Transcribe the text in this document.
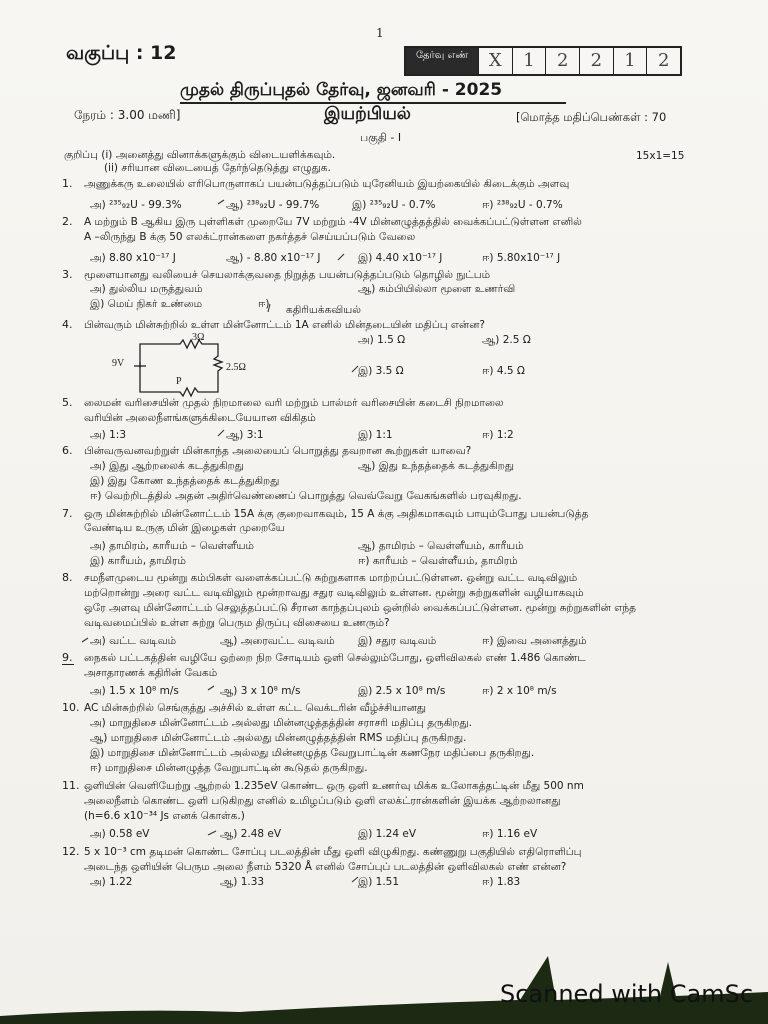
1
வகுப்பு : 12	தேர்வு எண்	X	1	2	2	1	2
முதல் திருப்புதல் தேர்வு, ஜனவரி - 2025
நேரம் : 3.00 மணி]	இயற்பியல்	[மொத்த மதிப்பெண்கள் : 70
பகுதி - I
குறிப்பு (i) அனைத்து வினாக்களுக்கும் விடையளிக்கவும்.
(ii) சரியான விடையைத் தேர்ந்தெடுத்து எழுதுக.
15x1=15
1. அணுக்கரு உலையில் எரிபொருளாகப் பயன்படுத்தப்படும் யுரேனியம் இயற்கையில் கிடைக்கும் அளவு
அ) ²³⁵₉₂U - 99.3%	ஆ) ²³⁸₉₂U - 99.7%	இ) ²³⁵₉₂U - 0.7%	ஈ) ²³⁸₉₂U - 0.7%
2. A மற்றும் B ஆகிய இரு புள்ளிகள் முறையே 7V மற்றும் -4V மின்னழுத்தத்தில் வைக்கப்பட்டுள்ளன எனில்
A –லிருந்து B க்கு 50 எலக்ட்ரான்களை நகர்த்தச் செய்யப்படும் வேலை
அ) 8.80 x10⁻¹⁷ J	ஆ) - 8.80 x10⁻¹⁷ J	இ) 4.40 x10⁻¹⁷ J	ஈ) 5.80x10⁻¹⁷ J
3. மூளையானது வலியைச் செயலாக்குவதை நிறுத்த பயன்படுத்தப்படும் தொழில் நுட்பம்
அ) துல்லிய மருத்துவம்	ஆ) கம்பியில்லா மூளை உணர்வி
இ) மெய் நிகர் உண்மை	ஈ) கதிரியக்கவியல்
4. பின்வரும் மின்சுற்றில் உள்ள மின்னோட்டம் 1A எனில் மின்தடையின் மதிப்பு என்ன?
அ) 1.5 Ω	ஆ) 2.5 Ω
இ) 3.5 Ω	ஈ) 4.5 Ω
3Ω
2.5Ω
9V
P
5. லைமன் வரிசையின் முதல் நிறமாலை வரி மற்றும் பால்மர் வரிசையின் கடைசி நிறமாலை
வரியின் அலைநீளங்களுக்கிடையேயான விகிதம்
அ) 1:3	ஆ) 3:1	இ) 1:1	ஈ) 1:2
6. பின்வருவனவற்றுள் மின்காந்த அலையைப் பொறுத்து தவறான கூற்றுகள் யாவை?
அ) இது ஆற்றலைக் கடத்துகிறது	ஆ) இது உந்தத்தைக் கடத்துகிறது
இ) இது கோண உந்தத்தைக் கடத்துகிறது
ஈ) வெற்றிடத்தில் அதன் அதிர்வெண்ணைப் பொறுத்து வெவ்வேறு வேகங்களில் பரவுகிறது.
7. ஒரு மின்சுற்றில் மின்னோட்டம் 15A க்கு குறைவாகவும், 15 A க்கு அதிகமாகவும் பாயும்போது பயன்படுத்த
வேண்டிய உருகு மின் இழைகள் முறையே
அ) தாமிரம், காரீயம் – வெள்ளீயம்	ஆ) தாமிரம் – வெள்ளீயம், காரீயம்
இ) காரீயம், தாமிரம்	ஈ) காரீயம் – வெள்ளீயம், தாமிரம்
8. சமநீளமுடைய மூன்று கம்பிகள் வளைக்கப்பட்டு சுற்றுகளாக மாற்றப்பட்டுள்ளன. ஒன்று வட்ட வடிவிலும்
மற்றொன்று அரை வட்ட வடிவிலும் மூன்றாவது சதுர வடிவிலும் உள்ளன. மூன்று சுற்றுகளின் வழியாகவும்
ஒரே அளவு மின்னோட்டம் செலுத்தப்பட்டு சீரான காந்தப்புலம் ஒன்றில் வைக்கப்பட்டுள்ளன. மூன்று சுற்றுகளின் எந்த
வடிவமைப்பில் உள்ள சுற்று பெரும திருப்பு விசையை உணரும்?
அ) வட்ட வடிவம்	ஆ) அரைவட்ட வடிவம் இ) சதுர வடிவம்	ஈ) இவை அனைத்தும்
9. நைகல் பட்டகத்தின் வழியே ஒற்றை நிற சோடியம் ஒளி செல்லும்போது, ஒளிவிலகல் எண் 1.486 கொண்ட
அசாதாரணக் கதிரின் வேகம்
அ) 1.5 x 10⁸ m/s	ஆ) 3 x 10⁸ m/s	இ) 2.5 x 10⁸ m/s	ஈ) 2 x 10⁸ m/s
10. AC மின்சுற்றில் செங்குத்து அச்சில் உள்ள கட்ட வெக்டரின் வீழ்ச்சியானது
அ) மாறுதிசை மின்னோட்டம் அல்லது மின்னழுத்தத்தின் சராசரி மதிப்பு தருகிறது.
ஆ) மாறுதிசை மின்னோட்டம் அல்லது மின்னழுத்தத்தின் RMS மதிப்பு தருகிறது.
இ) மாறுதிசை மின்னோட்டம் அல்லது மின்னழுத்த வேறுபாட்டின் கணநேர மதிப்பை தருகிறது.
ஈ) மாறுதிசை மின்னழுத்த வேறுபாட்டின் கூடுதல் தருகிறது.
11. ஒளியின் வெளியேற்று ஆற்றல் 1.235eV கொண்ட ஒரு ஒளி உணர்வு மிக்க உலோகத்தட்டின் மீது 500 nm
அலைநீளம் கொண்ட ஒளி படுகிறது எனில் உமிழப்படும் ஒளி எலக்ட்ரான்களின் இயக்க ஆற்றலானது
(h=6.6 x10⁻³⁴ Js எனக் கொள்க.)
அ) 0.58 eV	ஆ) 2.48 eV	இ) 1.24 eV	ஈ) 1.16 eV
12. 5 x 10⁻³ cm தடிமன் கொண்ட சோப்பு படலத்தின் மீது ஒளி விழுகிறது. கண்ணுறு பகுதியில் எதிரொளிப்பு
அடைந்த ஒளியின் பெரும அலை நீளம் 5320 Å எனில் சோப்புப் படலத்தின் ஒளிவிலகல் எண் என்ன?
அ) 1.22	ஆ) 1.33	இ) 1.51	ஈ) 1.83
Scanned with CamSc
